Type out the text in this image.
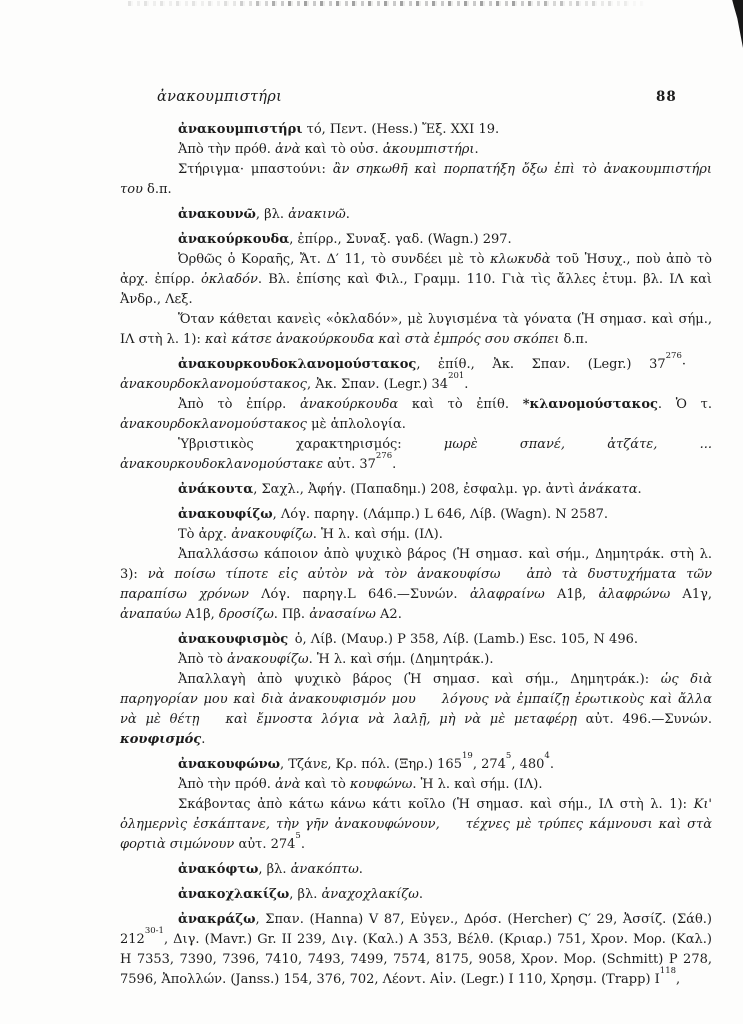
ἀνακουμπιστήρι	88

ἀνακουμπιστήρι τό, Πεντ. (Hess.) Ἔξ. XXI 19.

Ἀπὸ τὴν πρόθ. ἀνὰ καὶ τὸ οὐσ. ἀκουμπιστήρι.

Στήριγμα· μπαστούνι: ἂν σηκωθῆ καὶ πορπατήξη ὄξω ἐπὶ τὸ ἀνακουμπιστήρι του δ.π.

ἀνακουνῶ, βλ. ἀνακινῶ.

ἀνακούρκουδα, ἐπίρρ., Συναξ. γαδ. (Wagn.) 297.

Ὀρθῶς ὁ Κοραῆς, Ἄτ. Δ′ 11, τὸ συνδέει μὲ τὸ κλωκυδὰ τοῦ Ἡσυχ., ποὺ ἀπὸ τὸ ἀρχ. ἐπίρρ. ὀκλαδόν. Βλ. ἐπίσης καὶ Φιλ., Γραμμ. 110. Γιὰ τὶς ἄλλες ἐτυμ. βλ. ΙΛ καὶ Ἀνδρ., Λεξ.

Ὅταν κάθεται κανεὶς «ὀκλαδόν», μὲ λυγισμένα τὰ γόνατα (Ἡ σημασ. καὶ σήμ., ΙΛ στὴ λ. 1): καὶ κάτσε ἀνακούρκουδα καὶ στὰ ἐμπρός σου σκόπει δ.π.

ἀνακουρκουδοκλανομούστακος, ἐπίθ., Ἀκ. Σπαν. (Legr.) $37^{276}\cdot$  ἀνακουρδοκλανομούστακος, Ἀκ. Σπαν. (Legr.) $34^{201}$.

Ἀπὸ τὸ ἐπίρρ. ἀνακούρκουδα καὶ τὸ ἐπίθ. *κλανομούστακος. Ὁ τ. ἀνακουρδοκλανομούστακος μὲ ἁπλολογία.

Ὑβριστικὸς χαρακτηρισμός: μωρὲ σπανέ, ἀτζάτε, ... ἀνακουρκουδοκλανομούστακε αὐτ. $37^{276}$.

ἀνάκουτα, Σαχλ., Ἀφήγ. (Παπαδημ.) 208, ἐσφαλμ. γρ. ἀντὶ ἀνάκατα.

ἀνακουφίζω, Λόγ. παρηγ. (Λάμπρ.) L 646, Λίβ. (Wagn). N 2587.

Τὸ ἀρχ. ἀνακουφίζω. Ἡ λ. καὶ σήμ. (ΙΛ).

Ἀπαλλάσσω κάποιον ἀπὸ ψυχικὸ βάρος (Ἡ σημασ. καὶ σήμ., Δημητράκ. στὴ λ. 3): νὰ ποίσω τίποτε εἰς αὐτὸν νὰ τὸν ἀνακουφίσω  ἀπὸ τὰ δυστυχήματα τῶν παραπίσω χρόνων Λόγ. παρηγ.L 646.—Συνών. ἀλαφραίνω Α1β, ἀλαφρώνω Α1γ, ἀναπαύω Α1β, δροσίζω. Πβ. ἀνασαίνω Α2.

ἀνακουφισμὸς ὁ, Λίβ. (Μαυρ.) P 358, Λίβ. (Lamb.) Esc. 105, N 496.

Ἀπὸ τὸ ἀνακουφίζω. Ἡ λ. καὶ σήμ. (Δημητράκ.).

Ἀπαλλαγὴ ἀπὸ ψυχικὸ βάρος (Ἡ σημασ. καὶ σήμ., Δημητράκ.): ὡς διὰ παρηγορίαν μου καὶ διὰ ἀνακουφισμόν μου  λόγους νὰ ἐμπαίζῃ ἐρωτικοὺς καὶ ἄλλα νὰ μὲ θέτῃ  καὶ ἔμνοστα λόγια νὰ λαλῇ, μὴ νὰ μὲ μεταφέρῃ αὐτ. 496.—Συνών. κουφισμός.

ἀνακουφώνω, Τζάνε, Κρ. πόλ. (Ξηρ.) $165^{19}$, $274^5$, $480^4$.

Ἀπὸ τὴν πρόθ. ἀνὰ καὶ τὸ κουφώνω. Ἡ λ. καὶ σήμ. (ΙΛ).

Σκάβοντας ἀπὸ κάτω κάνω κάτι κοῖλο (Ἡ σημασ. καὶ σήμ., ΙΛ στὴ λ. 1): Κι' ὁλημερνὶς ἐσκάπτανε, τὴν γῆν ἀνακουφώνουν,  τέχνες μὲ τρύπες κάμνουσι καὶ στὰ φορτιὰ σιμώνουν αὐτ. $274^5$.

ἀνακόφτω, βλ. ἀνακόπτω.

ἀνακοχλακίζω, βλ. ἀναχοχλακίζω.

ἀνακράζω, Σπαν. (Hanna) V 87, Εὐγεν., Δρόσ. (Hercher) Ϛ′ 29, Ἀσσίζ. (Σάθ.) 212$^{30-1}$, Διγ. (Mavr.) Gr. II 239, Διγ. (Καλ.) Α 353, Βέλθ. (Κριαρ.) 751, Χρον. Μορ. (Καλ.) Η 7353, 7390, 7396, 7410, 7493, 7499, 7574, 8175, 9058, Χρον. Μορ. (Schmitt) P 278, 7596, Ἀπολλών. (Janss.) 154, 376, 702, Λέοντ. Αἰν. (Legr.) I 110, Χρησμ. (Trapp) $I^{118}$,
